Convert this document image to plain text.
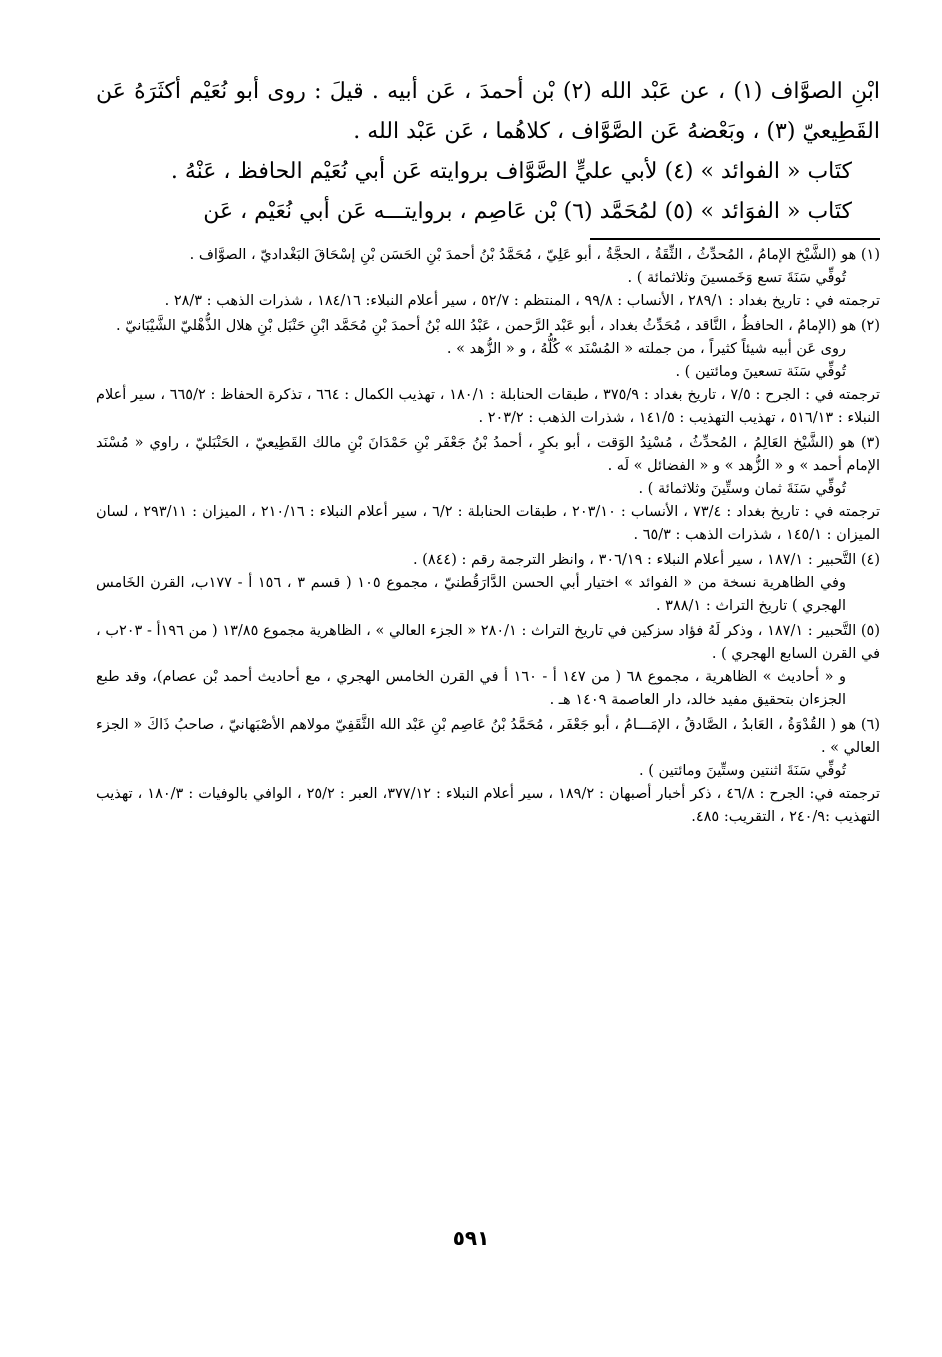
ابْنِ الصوَّاف (١) ، عن عَبْد الله (٢) بْن أحمدَ ، عَن أبيه . قيلَ : روى أبو نُعَيْم أكثَرَهُ عَن القَطِيعيّ (٣) ، وبَعْضهُ عَن الصَّوَّاف ، كلاهُما ، عَن عَبْد الله .

كتَاب « الفوائد » (٤) لأبي عليٍّ الصَّوَّاف بروايته عَن أبي نُعَيْم الحافظ ، عَنْهُ .

كتَاب « الفوَائد » (٥) لمُحَمَّد (٦) بْن عَاصِم ، بروايتـــه عَن أبي نُعَيْم ، عَن

(١) هو (الشَّيْخ الإمامُ ، المُحدِّثُ ، الثِّقَةُ ، الحجَّةُ ، أبو عَلِيّ ، مُحَمَّدُ بْنُ أحمدَ بْنِ الحَسَن بْنِ إسْحَاقَ البَغْداديّ ، الصوَّاف .

تُوفِّي سَنَةَ تسع وَخَمسينَ وثلاثمائة ) .

ترجمته في : تاريخ بغداد : ٢٨٩/١ ، الأنساب : ٩٩/٨ ، المنتظم : ٥٢/٧ ، سير أعلام النبلاء: ١٨٤/١٦ ، شذرات الذهب : ٢٨/٣ .

(٢) هو (الإمامُ ، الحافظُ ، النَّاقد ، مُحَدِّثُ بغداد ، أبو عَبْد الرَّحمن ، عَبْدُ الله بْنُ أحمدَ بْنِ مُحَمَّد ابْنِ حَنْبَل بْنِ هلال الذُّهْليّ الشَّيْبَانيّ .

روى عَن أبيه شيئاً كثيراً ، من جملته « المُسْنَد » كُلُّهُ ، و « الزُّهد » .

تُوفِّي سَنَة تسعينَ ومائتين ) .

ترجمته في : الجرح : ٧/٥ ، تاريخ بغداد : ٣٧٥/٩ ، طبقات الحنابلة : ١٨٠/١ ، تهذيب الكمال : ٦٦٤ ، تذكرة الحفاظ : ٦٦٥/٢ ، سير أعلام النبلاء : ٥١٦/١٣ ، تهذيب التهذيب : ١٤١/٥ ، شذرات الذهب : ٢٠٣/٢ .

(٣) هو (الشَّيْخ العَالِمُ ، المُحدِّثُ ، مُسْنِدُ الوَقت ، أبو بكرٍ ، أحمدُ بْنُ جَعْفَر بْنِ حَمْدَانَ بْنِ مالك القَطِيعيّ ، الحَنْبَليّ ، راوي « مُسْنَد الإمام أحمد » و « الزُّهد » و « الفضائل » لَه .

تُوفِّي سَنَةَ ثمان وستِّينَ وثلاثمائة ) .

ترجمته في : تاريخ بغداد : ٧٣/٤ ، الأنساب : ٢٠٣/١٠ ، طبقات الحنابلة : ٦/٢ ، سير أعلام النبلاء : ٢١٠/١٦ ، الميزان : ٢٩٣/١١ ، لسان الميزان : ١٤٥/١ ، شذرات الذهب : ٦٥/٣ .

(٤) التَّحبير : ١٨٧/١ ، سير أعلام النبلاء : ٣٠٦/١٩ ، وانظر الترجمة رقم : (٨٤٤) .

وفي الظاهرية نسخة من « الفوائد » اختيار أبي الحسن الدَّارَقُطنيّ ، مجموع ١٠٥ ( قسم ٣ ، ١٥٦ أ - ١٧٧ب، القرن الخَامس الهجري ) تاريخ التراث : ٣٨٨/١ .

(٥) التَّحبير : ١٨٧/١ ، وذكر لَهُ فؤاد سزكين في تاريخ التراث : ٢٨٠/١ « الجزء العالي » ، الظاهرية مجموع ١٣/٨٥ ( من ١٩٦أ - ٢٠٣ب ، في القرن السابع الهجري ) .

و « أحاديث » الظاهرية ، مجموع ٦٨ ( من ١٤٧ أ - ١٦٠ أ في القرن الخامس الهجري ، مع أحاديث أحمد بْن عصام)، وقد طبع الجزءان بتحقيق مفيد خالد، دار العاصمة ١٤٠٩ هـ .

(٦) هو ( القُدْوَةُ ، العَابدُ ، الصَّادقُ ، الإمَـــامُ ، أبو جَعْفَر ، مُحَمَّدُ بْنُ عَاصِم بْنِ عَبْد الله الثَّقَفِيّ مولاهم الأصْبَهانيّ ، صاحبُ ذَاكَ « الجزء العالي » .

تُوفِّي سَنَةَ اثنتين وستِّينَ ومائتين ) .

ترجمته في: الجرح : ٤٦/٨ ، ذكر أخبار أصبهان : ١٨٩/٢ ، سير أعلام النبلاء : ٣٧٧/١٢، العبر : ٢٥/٢ ، الوافي بالوفيات : ١٨٠/٣ ، تهذيب التهذيب :٢٤٠/٩ ، التقريب: ٤٨٥.

٥٩١
